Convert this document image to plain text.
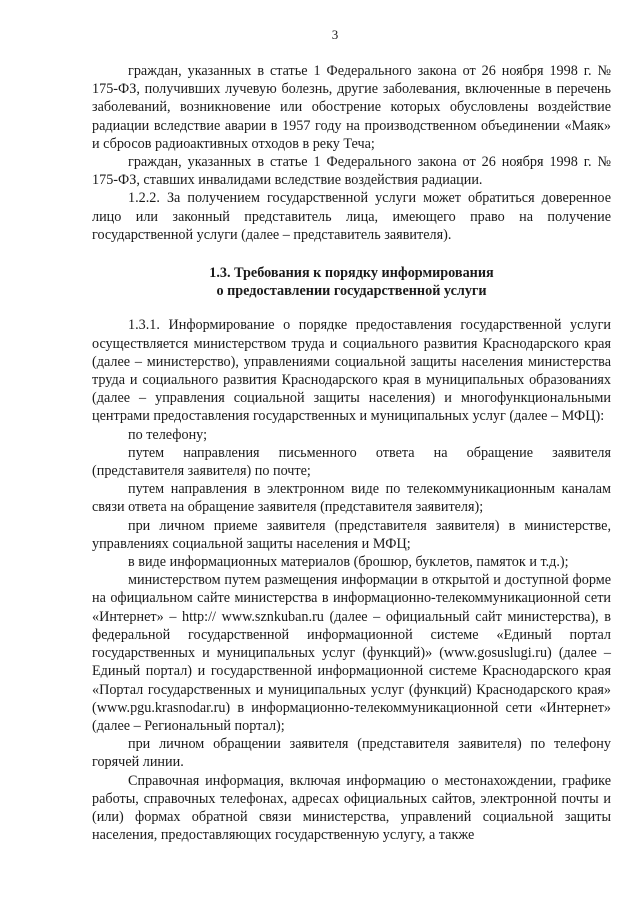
3

граждан, указанных в статье 1 Федерального закона от 26 ноября 1998 г. № 175-ФЗ, получивших лучевую болезнь, другие заболевания, включенные в перечень заболеваний, возникновение или обострение которых обусловлены воздействие радиации вследствие аварии в 1957 году на производственном объединении «Маяк» и сбросов радиоактивных отходов в реку Теча;

граждан, указанных в статье 1 Федерального закона от 26 ноября 1998 г. № 175-ФЗ, ставших инвалидами вследствие воздействия радиации.

1.2.2. За получением государственной услуги может обратиться доверенное лицо или законный представитель лица, имеющего право на получение государственной услуги (далее – представитель заявителя).

1.3. Требования к порядку информирования
о предоставлении государственной услуги

1.3.1. Информирование о порядке предоставления государственной услуги осуществляется министерством труда и социального развития Краснодарского края (далее – министерство), управлениями социальной защиты населения министерства труда и социального развития Краснодарского края в муниципальных образованиях (далее – управления социальной защиты населения) и многофункциональными центрами предоставления государственных и муниципальных услуг (далее – МФЦ):

по телефону;

путем направления письменного ответа на обращение заявителя (представителя заявителя) по почте;

путем направления в электронном виде по телекоммуникационным каналам связи ответа на обращение заявителя (представителя заявителя);

при личном приеме заявителя (представителя заявителя) в министерстве, управлениях социальной защиты населения и МФЦ;

в виде информационных материалов (брошюр, буклетов, памяток и т.д.);

министерством путем размещения информации в открытой и доступной форме на официальном сайте министерства в информационно-телекоммуникационной сети «Интернет» – http:// www.sznkuban.ru (далее – официальный сайт министерства), в федеральной государственной информационной системе «Единый портал государственных и муниципальных услуг (функций)» (www.gosuslugi.ru) (далее – Единый портал) и государственной информационной системе Краснодарского края «Портал государственных и муниципальных услуг (функций) Краснодарского края» (www.pgu.krasnodar.ru) в информационно-телекоммуникационной сети «Интернет» (далее – Региональный портал);

при личном обращении заявителя (представителя заявителя) по телефону горячей линии.

Справочная информация, включая информацию о местонахождении, графике работы, справочных телефонах, адресах официальных сайтов, электронной почты и (или) формах обратной связи министерства, управлений социальной защиты населения, предоставляющих государственную услугу, а также
